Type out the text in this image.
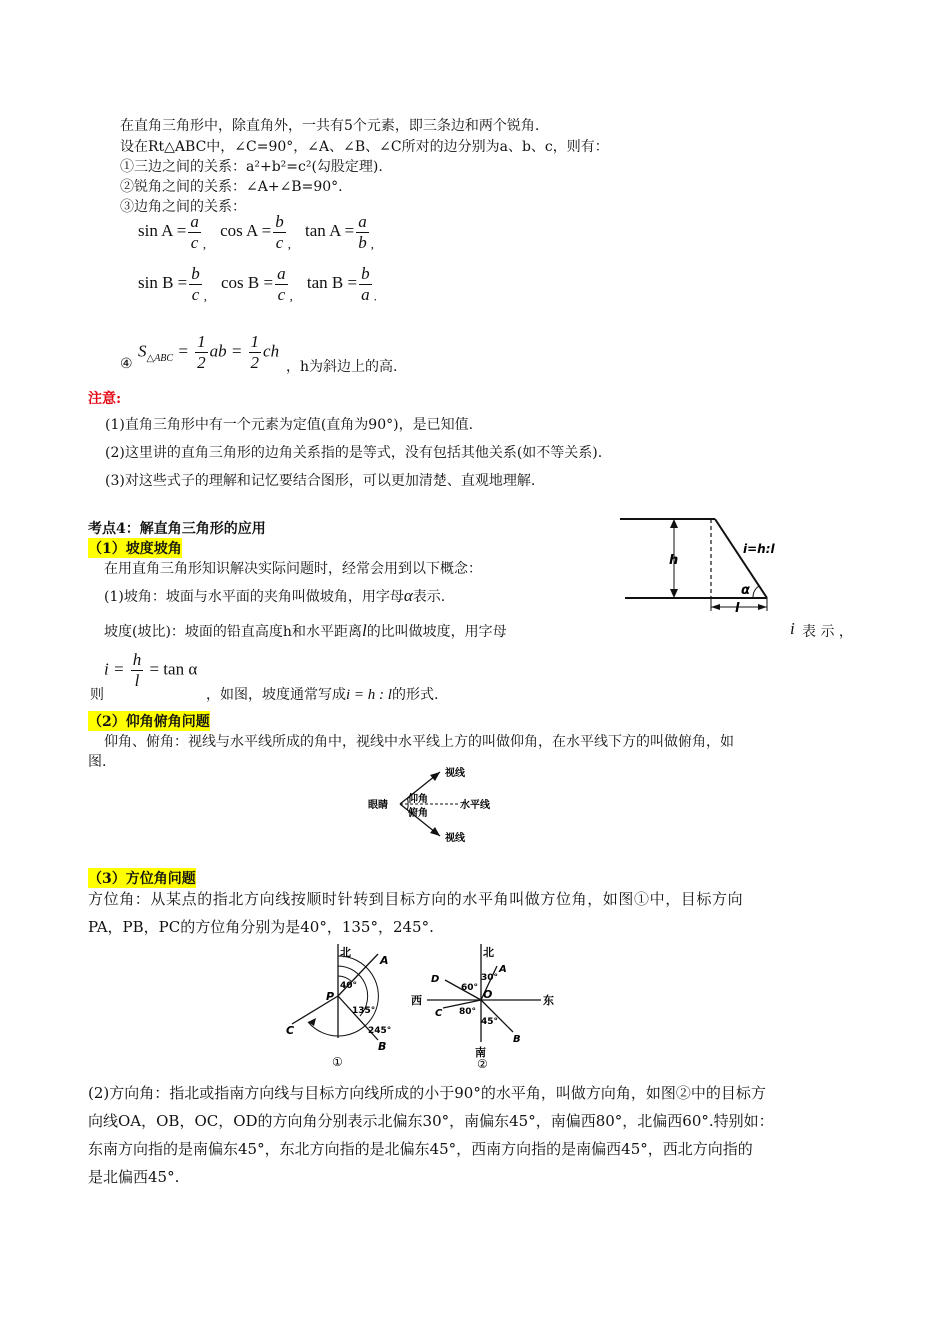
在直角三角形中，除直角外，一共有5个元素，即三条边和两个锐角.
设在Rt△ABC中，∠C=90°，∠A、∠B、∠C所对的边分别为a、b、c，则有：
①三边之间的关系：a²+b²=c²(勾股定理).
②锐角之间的关系：∠A+∠B=90°.
③边角之间的关系：
$\sin A = \frac{a}{c} ,\cos$ $A = \frac{b}{c} ,\tan$ $A = \frac{a}{b}$ ,
$\sin B = \frac{b}{c} ,\cos$ $B = \frac{a}{c} ,\tan$ $B = \frac{b}{a}$ .
$S_{\triangle ABC} = \frac{1}{2}$ ab = $\frac{1}{2}$ ch
④	，h为斜边上的高.
注意:
(1)直角三角形中有一个元素为定值(直角为90°)，是已知值.
(2)这里讲的直角三角形的边角关系指的是等式，没有包括其他关系(如不等关系).
(3)对这些式子的理解和记忆要结合图形，可以更加清楚、直观地理解.
考点4：解直角三角形的应用
（1）坡度坡角
在用直角三角形知识解决实际问题时，经常会用到以下概念：
(1)坡角：坡面与水平面的夹角叫做坡角，用字母α表示.
坡度(坡比)：坡面的铅直高度h和水平距离l的比叫做坡度，用字母	i 表 示 ，
则
$i = \frac{h}{l} = \tan \alpha$
，如图，坡度通常写成i = h : l的形式.
h
l
i=h:l
α
（2）仰角俯角问题
仰角、俯角：视线与水平线所成的角中，视线中水平线上方的叫做仰角，在水平线下方的叫做俯角，如
图.
眼睛
仰角
俯角
水平线
视线
视线
（3）方位角问题
方位角：从某点的指北方向线按顺时针转到目标方向的水平角叫做方位角，如图①中，目标方向
PA，PB，PC的方位角分别为是40°，135°，245°.
北
A
B
C
P
40°
135°
245°
①
北
南
东
西	O
A
B
C
D	30°
60°
80°
45°
②
(2)方向角：指北或指南方向线与目标方向线所成的小于90°的水平角，叫做方向角，如图②中的目标方
向线OA，OB，OC，OD的方向角分别表示北偏东30°，南偏东45°，南偏西80°，北偏西60°.特别如：
东南方向指的是南偏东45°，东北方向指的是北偏东45°，西南方向指的是南偏西45°，西北方向指的
是北偏西45°.
